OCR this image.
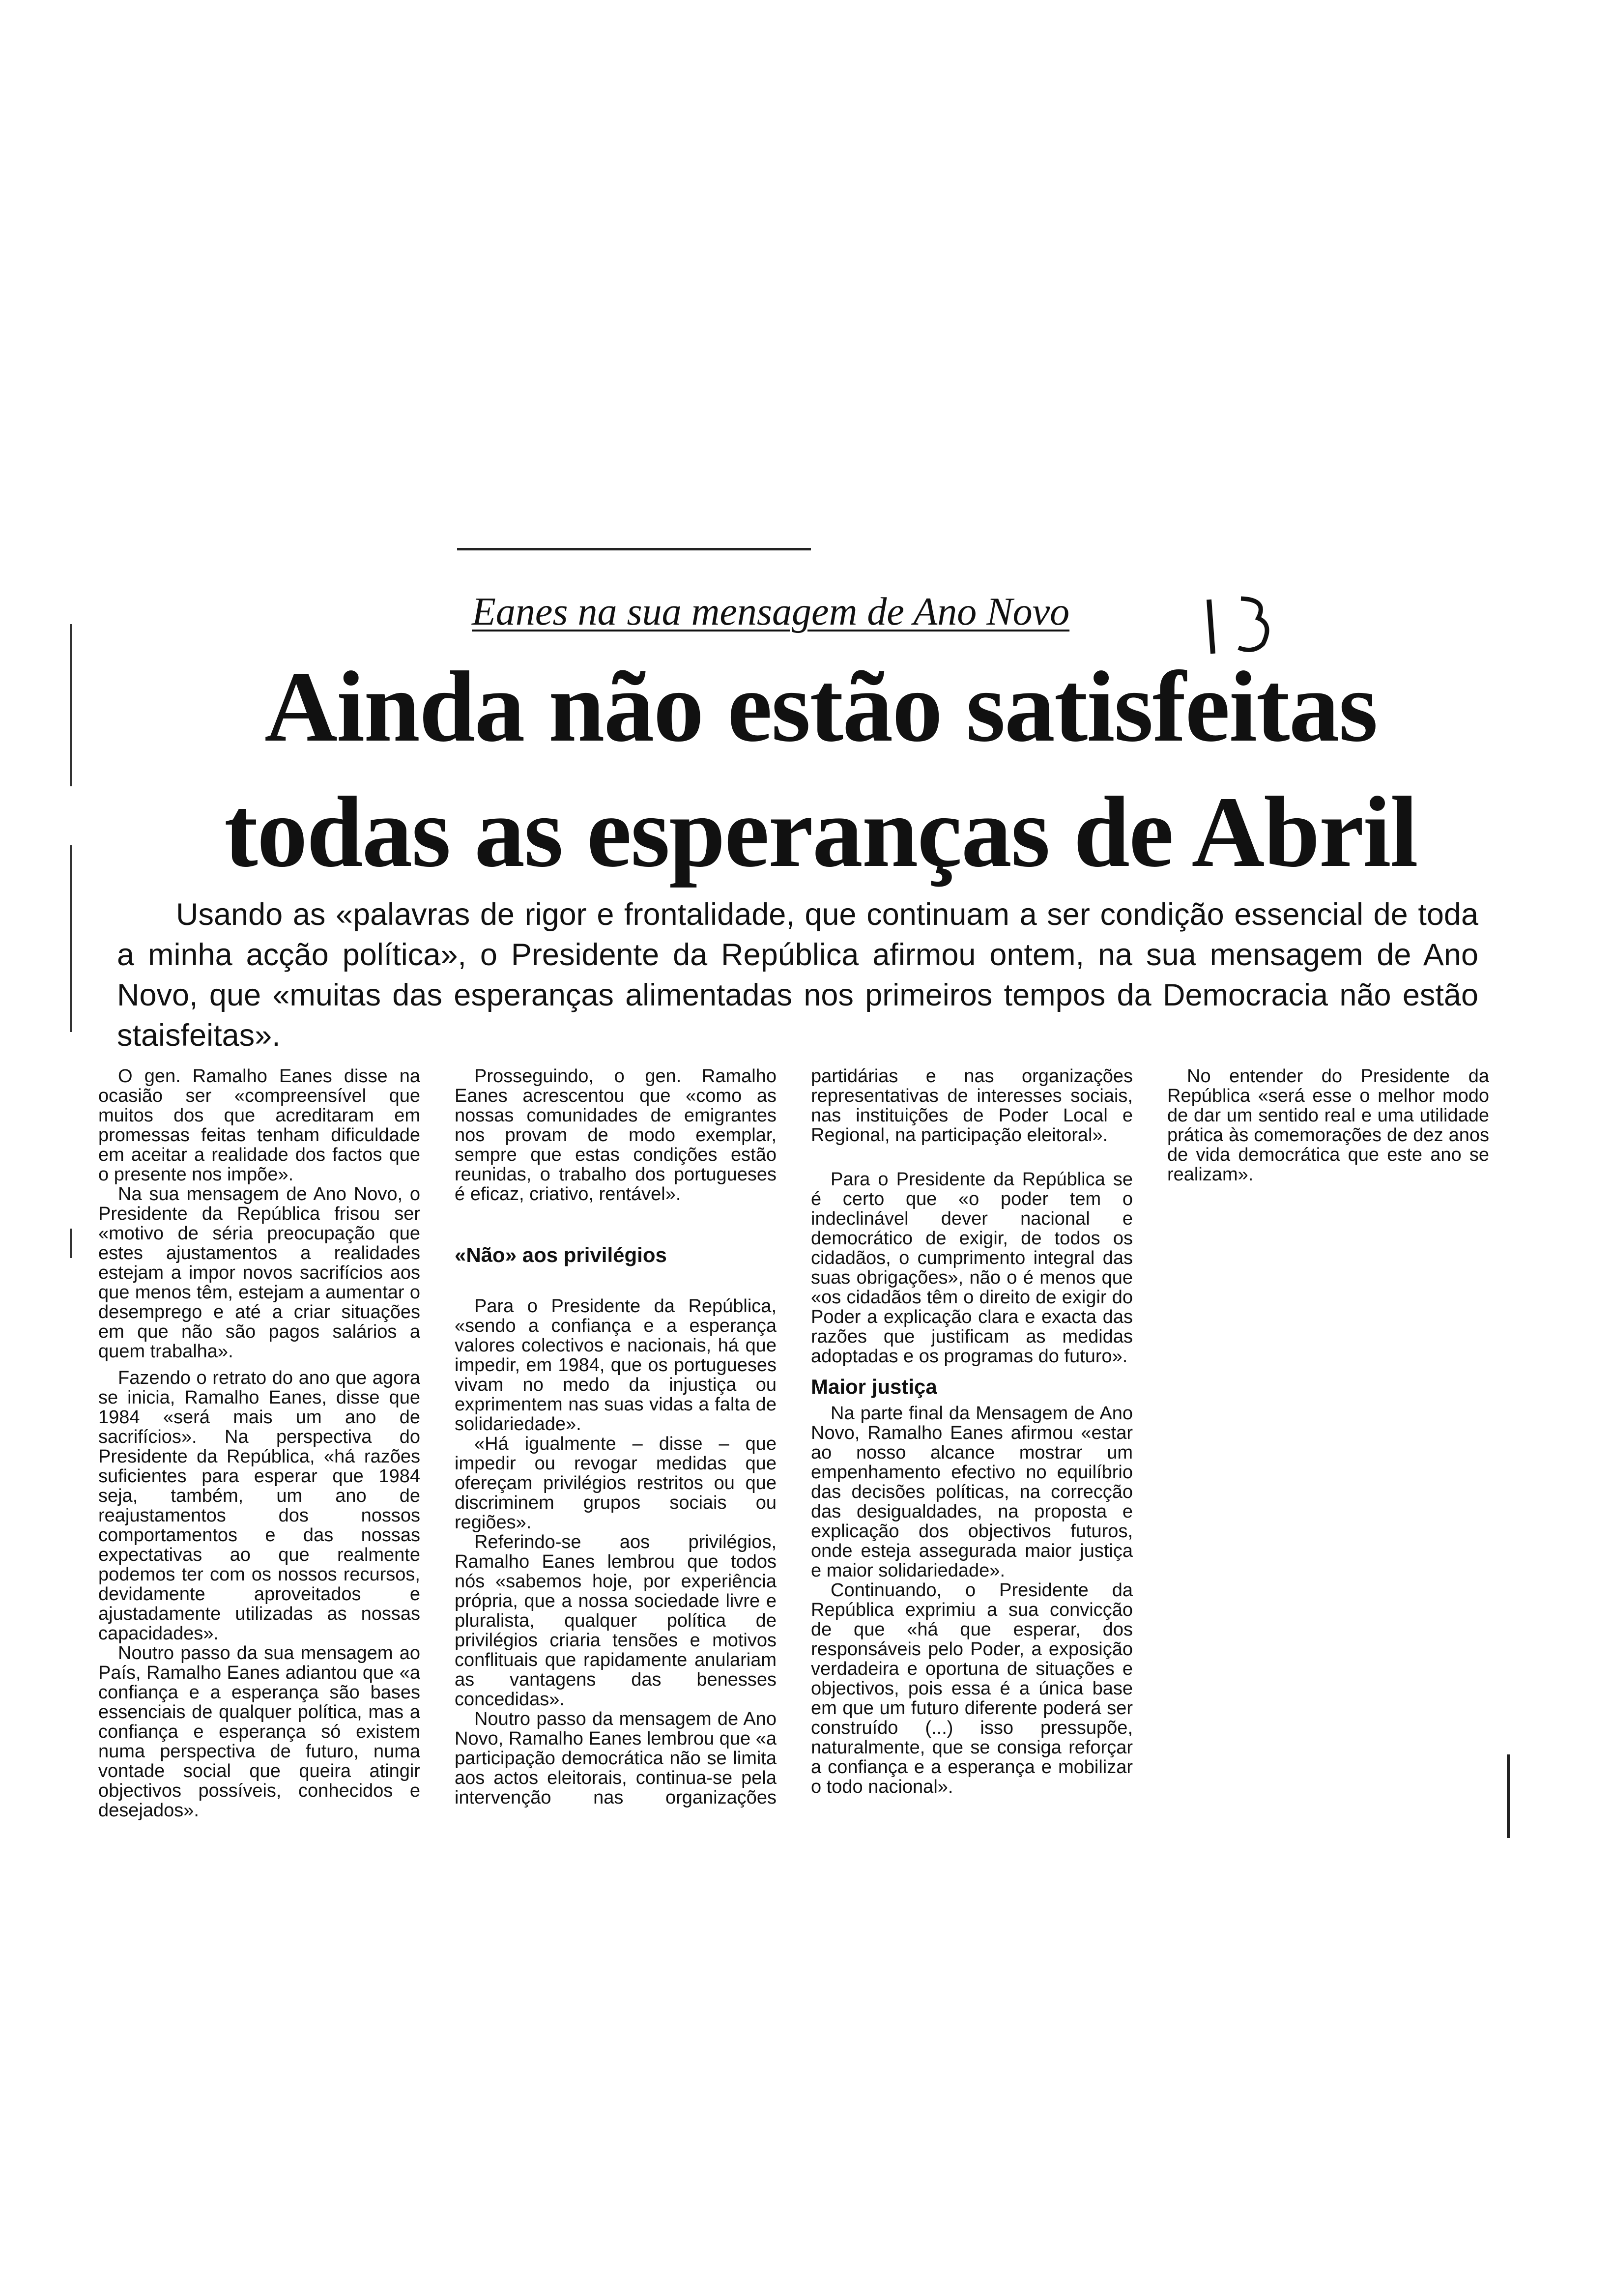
Eanes na sua mensagem de Ano Novo
Ainda não estão satisfeitas
todas as esperanças de Abril

Usando as «palavras de rigor e frontalidade, que continuam a ser condição essencial de toda a minha acção política», o Presidente da República afirmou ontem, na sua mensagem de Ano Novo, que «muitas das esperanças alimentadas nos primeiros tempos da Democracia não estão staisfeitas».

O gen. Ramalho Eanes disse na ocasião ser «compreensível que muitos dos que acreditaram em promessas feitas tenham dificuldade em aceitar a realidade dos factos que o presente nos impõe».

Na sua mensagem de Ano Novo, o Presidente da República frisou ser «motivo de séria preocupação que estes ajustamentos a realidades estejam a impor novos sacrifícios aos que menos têm, estejam a aumentar o desemprego e até a criar situações em que não são pagos salários a quem trabalha».

Fazendo o retrato do ano que agora se inicia, Ramalho Eanes, disse que 1984 «será mais um ano de sacrifícios». Na perspectiva do Presidente da República, «há razões suficientes para esperar que 1984 seja, também, um ano de reajustamentos dos nossos comportamentos e das nossas expectativas ao que realmente podemos ter com os nossos recursos, devidamente aproveitados e ajustadamente utilizadas as nossas capacidades».

Noutro passo da sua mensagem ao País, Ramalho Eanes adiantou que «a confiança e a esperança são bases essenciais de qualquer política, mas a confiança e esperança só existem numa perspectiva de futuro, numa vontade social que queira atingir objectivos possíveis, conhecidos e desejados».

Prosseguindo, o gen. Ramalho Eanes acrescentou que «como as nossas comunidades de emigrantes nos provam de modo exemplar, sempre que estas condições estão reunidas, o trabalho dos portugueses é eficaz, criativo, rentável».

«Não» aos privilégios

Para o Presidente da República, «sendo a confiança e a esperança valores colectivos e nacionais, há que impedir, em 1984, que os portugueses vivam no medo da injustiça ou exprimentem nas suas vidas a falta de solidariedade».

«Há igualmente – disse – que impedir ou revogar medidas que ofereçam privilégios restritos ou que discriminem grupos sociais ou regiões».

Referindo-se aos privilégios, Ramalho Eanes lembrou que todos nós «sabemos hoje, por experiência própria, que a nossa sociedade livre e pluralista, qualquer política de privilégios criaria tensões e motivos conflituais que rapidamente anulariam as vantagens das benesses concedidas».

Noutro passo da mensagem de Ano Novo, Ramalho Eanes lembrou que «a participação democrática não se limita aos actos eleitorais, continua-se pela intervenção nas organizações partidárias e nas organizações representativas de interesses sociais, nas instituições de Poder Local e Regional, na participação eleitoral».

Para o Presidente da República se é certo que «o poder tem o indeclinável dever nacional e democrático de exigir, de todos os cidadãos, o cumprimento integral das suas obrigações», não o é menos que «os cidadãos têm o direito de exigir do Poder a explicação clara e exacta das razões que justificam as medidas adoptadas e os programas do futuro».

Maior justiça

Na parte final da Mensagem de Ano Novo, Ramalho Eanes afirmou «estar ao nosso alcance mostrar um empenhamento efectivo no equilíbrio das decisões políticas, na correcção das desigualdades, na proposta e explicação dos objectivos futuros, onde esteja assegurada maior justiça e maior solidariedade».

Continuando, o Presidente da República exprimiu a sua convicção de que «há que esperar, dos responsáveis pelo Poder, a exposição verdadeira e oportuna de situações e objectivos, pois essa é a única base em que um futuro diferente poderá ser construído (...) isso pressupõe, naturalmente, que se consiga reforçar a confiança e a esperança e mobilizar o todo nacional».

No entender do Presidente da República «será esse o melhor modo de dar um sentido real e uma utilidade prática às comemorações de dez anos de vida democrática que este ano se realizam».
